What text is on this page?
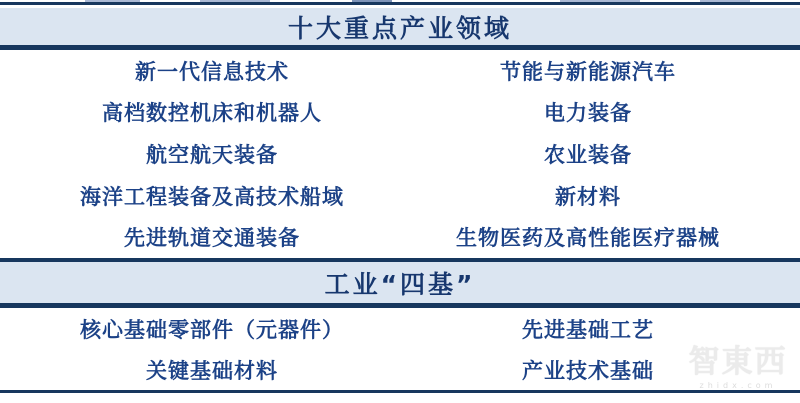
十大重点产业领域
新一代信息技术	节能与新能源汽车
高档数控机床和机器人	电力装备
航空航天装备	农业装备
海洋工程装备及高技术船域	新材料
先进轨道交通装备	生物医药及高性能医疗器械
工业“四基”
核心基础零部件（元器件）	先进基础工艺
关键基础材料	产业技术基础	智東西
zhidx.com
